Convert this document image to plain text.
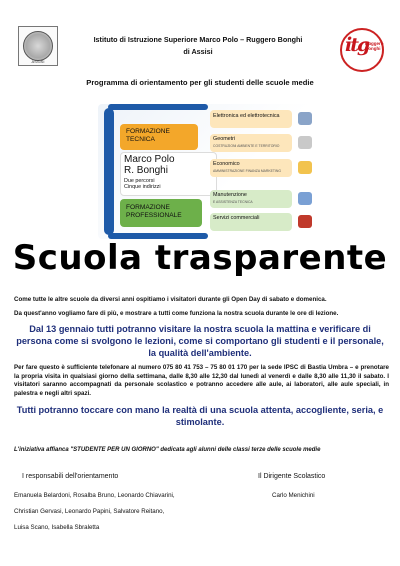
ASSISI
Istituto di Istruzione Superiore Marco Polo – Ruggero Bonghi
di Assisi	itg
Ruggero Bonghi
Programma di orientamento per gli studenti delle scuole medie
FORMAZIONE TECNICA
Marco Polo
R. Bonghi
Due percorsi
Cinque indirizzi
FORMAZIONE PROFESSIONALE
Elettronica ed elettrotecnica
Geometri
COSTRUZIONI AMBIENTE E TERRITORIO
Economico
AMMINISTRAZIONE FINANZA MARKETING
Manutenzione
E ASSISTENZA TECNICA
Servizi commerciali
Scuola trasparente
Come tutte le altre scuole da diversi anni ospitiamo i visitatori durante gli Open Day di sabato e domenica.
Da quest'anno vogliamo fare di più, e mostrare a tutti come funziona la nostra scuola durante le ore di lezione.
Dal 13 gennaio tutti potranno visitare la nostra scuola la mattina e verificare di persona come si svolgono le lezioni, come si comportano gli studenti e il personale, la qualità dell'ambiente.
Per fare questo è sufficiente telefonare al numero 075 80 41 753 – 75 80 01 170 per la sede IPSC di Bastia Umbra – e prenotare la propria visita in qualsiasi giorno della settimana, dalle 8,30 alle 12,30 dal lunedì al venerdì e dalle 8,30 alle 11,30 il sabato. I visitatori saranno accompagnati da personale scolastico e potranno accedere alle aule, ai laboratori, alle aule speciali, in palestra e negli altri spazi.
Tutti potranno toccare con mano la realtà di una scuola attenta, accogliente, seria, e stimolante.
L'iniziativa affianca "STUDENTE PER UN GIORNO" dedicata agli alunni delle classi terze delle scuole medie
I responsabili dell'orientamento
Emanuela Belardoni, Rosalba Bruno, Leonardo Chiavarini,
Christian Gervasi, Leonardo Papini, Salvatore Reitano,
Luisa Scano, Isabella Sbraletta
Il Dirigente Scolastico
Carlo Menichini
